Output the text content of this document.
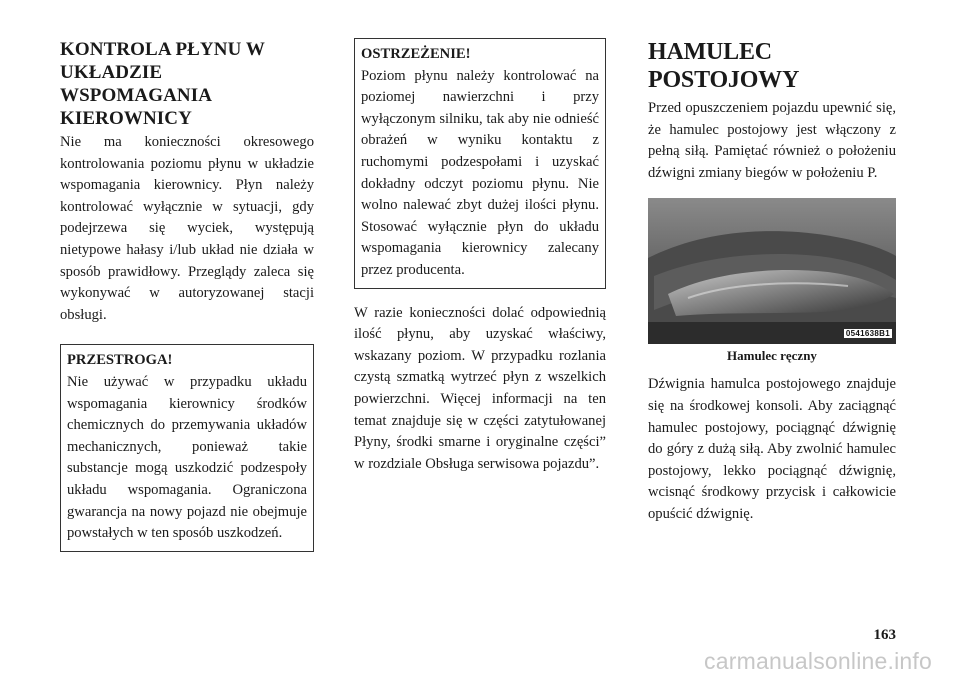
KONTROLA PŁYNU W UKŁADZIE WSPOMAGANIA KIEROWNICY

Nie ma konieczności okresowego kontrolowania poziomu płynu w układzie wspomagania kierownicy. Płyn należy kontrolować wyłącznie w sytuacji, gdy podejrzewa się wyciek, występują nietypowe hałasy i/lub układ nie działa w sposób prawidłowy. Przeglądy zaleca się wykonywać w autoryzowanej stacji obsługi.

PRZESTROGA!
Nie używać w przypadku układu wspomagania kierownicy środków chemicznych do przemywania układów mechanicznych, ponieważ takie substancje mogą uszkodzić podzespoły układu wspomagania. Ograniczona gwarancja na nowy pojazd nie obejmuje powstałych w ten sposób uszkodzeń.
OSTRZEŻENIE!
Poziom płynu należy kontrolować na poziomej nawierzchni i przy wyłączonym silniku, tak aby nie odnieść obrażeń w wyniku kontaktu z ruchomymi podzespołami i uzyskać dokładny odczyt poziomu płynu. Nie wolno nalewać zbyt dużej ilości płynu. Stosować wyłącznie płyn do układu wspomagania kierownicy zalecany przez producenta.

W razie konieczności dolać odpowiednią ilość płynu, aby uzyskać właściwy, wskazany poziom. W przypadku rozlania czystą szmatką wytrzeć płyn z wszelkich powierzchni. Więcej informacji na ten temat znajduje się w części zatytułowanej Płyny, środki smarne i oryginalne części” w rozdziale Obsługa serwisowa pojazdu”.

HAMULEC POSTOJOWY

Przed opuszczeniem pojazdu upewnić się, że hamulec postojowy jest włączony z pełną siłą. Pamiętać również o położeniu dźwigni zmiany biegów w położeniu P.

0541638B1
Hamulec ręczny

Dźwignia hamulca postojowego znajduje się na środkowej konsoli. Aby zaciągnąć hamulec postojowy, pociągnąć dźwignię do góry z dużą siłą. Aby zwolnić hamulec postojowy, lekko pociągnąć dźwignię, wcisnąć środkowy przycisk i całkowicie opuścić dźwignię.

163
carmanualsonline.info
